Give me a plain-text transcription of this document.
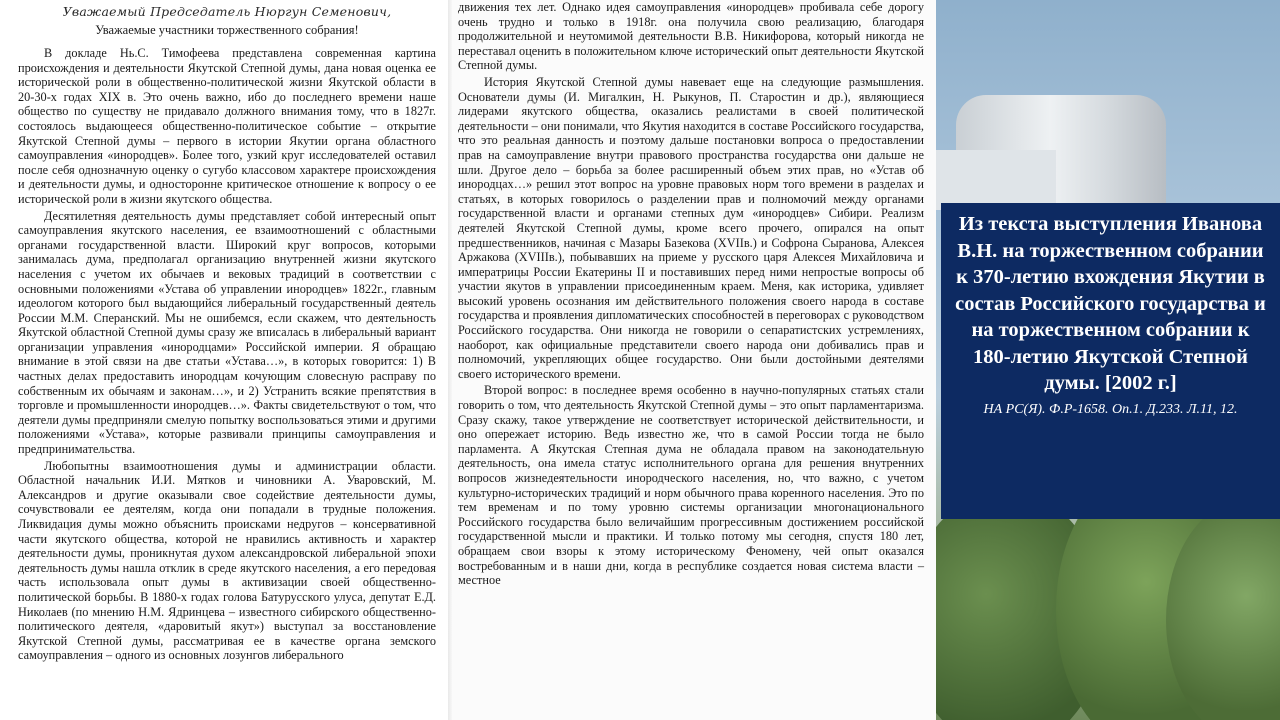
Уважаемый Председатель Нюргун Семенович,

Уважаемые участники торжественного собрания!

В докладе Нь.С. Тимофеева представлена современная картина происхождения и деятельности Якутской Степной думы, дана новая оценка ее исторической роли в общественно-политической жизни Якутской области в 20-30-х годах XIX в. Это очень важно, ибо до последнего времени наше общество по существу не придавало должного внимания тому, что в 1827г. состоялось выдающееся общественно-политическое событие – открытие Якутской Степной думы – первого в истории Якутии органа областного самоуправления «инородцев». Более того, узкий круг исследователей оставил после себя однозначную оценку о сугубо классовом характере происхождения и деятельности думы, и односторонне критическое отношение к вопросу о ее исторической роли в жизни якутского общества.

Десятилетняя деятельность думы представляет собой интересный опыт самоуправления якутского населения, ее взаимоотношений с областными органами государственной власти. Широкий круг вопросов, которыми занималась дума, предполагал организацию внутренней жизни якутского населения с учетом их обычаев и вековых традиций в соответствии с основными положениями «Устава об управлении инородцев» 1822г., главным идеологом которого был выдающийся либеральный государственный деятель России М.М. Сперанский. Мы не ошибемся, если скажем, что деятельность Якутской областной Степной думы сразу же вписалась в либеральный вариант организации управления «инородцами» Российской империи. Я обращаю внимание в этой связи на две статьи «Устава…», в которых говорится: 1) В частных делах предоставить инородцам кочующим словесную расправу по собственным их обычаям и законам…», и 2) Устранить всякие препятствия в торговле и промышленности инородцев…». Факты свидетельствуют о том, что деятели думы предприняли смелую попытку воспользоваться этими и другими положениями «Устава», которые развивали принципы самоуправления и предпринимательства.

Любопытны взаимоотношения думы и администрации области. Областной начальник И.И. Мятков и чиновники А. Уваровский, М. Александров и другие оказывали свое содействие деятельности думы, сочувствовали ее деятелям, когда они попадали в трудные положения. Ликвидация думы можно объяснить происками недругов – консервативной части якутского общества, которой не нравились активность и характер деятельности думы, проникнутая духом александровской либеральной эпохи деятельность думы нашла отклик в среде якутского населения, а его передовая часть использовала опыт думы в активизации своей общественно-политической борьбы. В 1880-х годах голова Батурусского улуса, депутат Е.Д. Николаев (по мнению Н.М. Ядринцева – известного сибирского общественно-политического деятеля, «даровитый якут») выступал за восстановление Якутской Степной думы, рассматривая ее в качестве органа земского самоуправления – одного из основных лозунгов либерального

движения тех лет. Однако идея самоуправления «инородцев» пробивала себе дорогу очень трудно и только в 1918г. она получила свою реализацию, благодаря продолжительной и неутомимой деятельности В.В. Никифорова, который никогда не переставал оценить в положительном ключе исторический опыт деятельности Якутской Степной думы.

История Якутской Степной думы навевает еще на следующие размышления. Основатели думы (И. Мигалкин, Н. Рыкунов, П. Старостин и др.), являющиеся лидерами якутского общества, оказались реалистами в своей политической деятельности – они понимали, что Якутия находится в составе Российского государства, что это реальная данность и поэтому дальше постановки вопроса о предоставлении прав на самоуправление внутри правового пространства государства они дальше не шли. Другое дело – борьба за более расширенный объем этих прав, но «Устав об инородцах…» решил этот вопрос на уровне правовых норм того времени в разделах и статьях, в которых говорилось о разделении прав и полномочий между органами государственной власти и органами степных дум «инородцев» Сибири. Реализм деятелей Якутской Степной думы, кроме всего прочего, опирался на опыт предшественников, начиная с Мазары Базекова (XVIIв.) и Софрона Сыранова, Алексея Аржакова (XVIIIв.), побывавших на приеме у русского царя Алексея Михайловича и императрицы России Екатерины II и поставивших перед ними непростые вопросы об участии якутов в управлении присоединенным краем. Меня, как историка, удивляет высокий уровень осознания им действительного положения своего народа в составе государства и проявления дипломатических способностей в переговорах с руководством Российского государства. Они никогда не говорили о сепаратистских устремлениях, наоборот, как официальные представители своего народа они добивались прав и полномочий, укрепляющих общее государство. Они были достойными деятелями своего исторического времени.

Второй вопрос: в последнее время особенно в научно-популярных статьях стали говорить о том, что деятельность Якутской Степной думы – это опыт парламентаризма. Сразу скажу, такое утверждение не соответствует исторической действительности, и оно опережает историю. Ведь известно же, что в самой России тогда не было парламента. А Якутская Степная дума не обладала правом на законодательную деятельность, она имела статус исполнительного органа для решения внутренних вопросов жизнедеятельности инородческого населения, но, что важно, с учетом культурно-исторических традиций и норм обычного права коренного населения. Это по тем временам и по тому уровню системы организации многонационального Российского государства было величайшим прогрессивным достижением российской государственной мысли и практики. И только потому мы сегодня, спустя 180 лет, обращаем свои взоры к этому историческому Феномену, чей опыт оказался востребованным и в наши дни, когда в республике создается новая система власти – местное

Из текста выступления Иванова В.Н. на торжественном собрании к 370-летию вхождения Якутии в состав Российского государства и на торжественном собрании к 180-летию Якутской Степной думы. [2002 г.]

НА РС(Я). Ф.Р-1658. Оп.1. Д.233. Л.11, 12.
